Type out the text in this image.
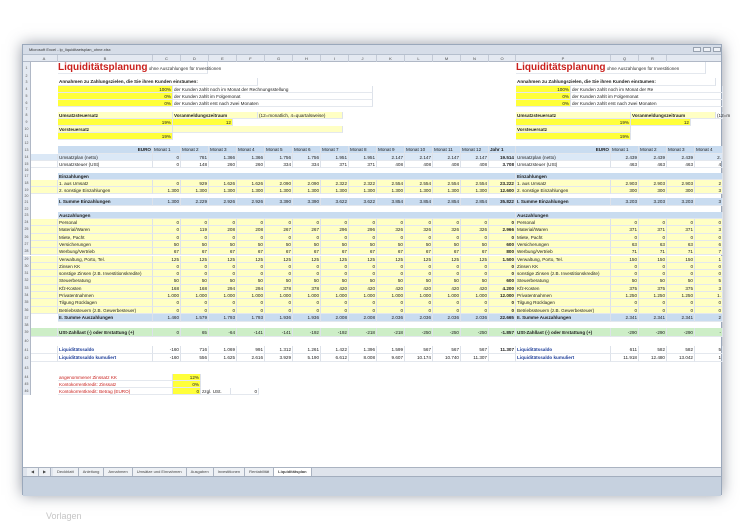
Microsoft Excel - lp_liquiditaetsplan_ohne.xlsx
A	B	C	D	E	F	G	H	I	J	K	L	M	N	O	P	Q	R
1	Liquiditätsplanung ohne Auszahlungen für Investitionen	Liquiditätsplanung ohne Auszahlungen für Investitionen
2
3	Annahmen zu Zahlungszielen, die Sie ihren Kunden einräumen:	Annahmen zu Zahlungszielen, die Sie ihren Kunden einräumen:
4	100% der Kunden zahlt noch im Monat der Rechnungsstellung	100% der Kunden zahlt noch im Monat der Re
5	0% der Kunden zahlt im Folgemonat	0% der Kunden zahlt im Folgemonat
6	0% der Kunden zahlt erst nach zwei Monaten	0% der Kunden zahlt erst nach zwei Monaten
7
8	Umsatzsteuersatz	Voranmeldungszeitraum	(12=monatlich, 4=quartalsweise)	Umsatzsteuersatz	Voranmeldungszeitraum	(12=m
9	19%	12	19%	12
10	Vorsteuersatz	Vorsteuersatz
11	19%	19%
12
13	EURO Monat 1	Monat 2	Monat 3	Monat 4	Monat 5	Monat 6	Monat 7	Monat 8	Monat 9	Monat 10	Monat 11	Monat 12	Jahr 1	EURO Monat 1	Monat 2	Monat 3	Monat 4
14	Umsatzplan (netto)	0	781	1.366	1.366	1.756	1.756	1.951	1.951	2.147	2.147	2.147	2.147	19.514 Umsatzplan (netto)	2.439	2.439	2.439	2.
15	Umsatzsteuer (USt)	0	148	260	260	334	334	371	371	408	408	408	408	3.708 Umsatzsteuer (USt)	463	463	463	4
16
17	Einzahlungen	Einzahlungen
18	1. aus Umsatz	0	929	1.626	1.626	2.090	2.090	2.322	2.322	2.554	2.554	2.554	2.554	23.222 1. aus Umsatz	2.903	2.903	2.903	2
19	2. sonstige Einzahlungen	1.300	1.300	1.300	1.300	1.300	1.300	1.300	1.300	1.300	1.300	1.300	1.300	12.600 2. sonstige Einzahlungen	300	300	300	3
20
21	I. Summe Einzahlungen	1.300	2.229	2.926	2.926	3.390	3.390	3.622	3.622	3.854	3.854	2.854	2.854	35.822 I. Summe Einzahlungen	3.203	3.203	3.203	3
22
23	Auszahlungen	Auszahlungen
24	Personal	0	0	0	0	0	0	0	0	0	0	0	0	0 Personal	0	0	0	0
25	Material/Waren	0	119	208	208	267	267	296	296	326	326	326	326	2.966 Material/Waren	371	371	371	3
26	Miete, Pacht	0	0	0	0	0	0	0	0	0	0	0	0	0 Miete, Pacht	0	0	0	0
27	Versicherungen	50	50	50	50	50	50	50	50	50	50	50	50	600 Versicherungen	63	63	63	6
28	Werbung/Vertrieb	67	67	67	67	67	67	67	67	67	67	67	67	800 Werbung/Vertrieb	71	71	71	7
29	Verwaltung, Porto, Tel.	125	125	125	125	125	125	125	125	125	125	125	125	1.500 Verwaltung, Porto, Tel.	150	150	150	1
30	Zinsen KK	0	0	0	0	0	0	0	0	0	0	0	0	0 Zinsen KK	0	0	0	0
31	sonstige Zinsen (z.B. Investitionskredite)	0	0	0	0	0	0	0	0	0	0	0	0	0 sonstige Zinsen (z.B. Investitionskredite)	0	0	0	0
32	Steuerberatung	50	50	50	50	50	50	50	50	50	50	50	50	600 Steuerberatung	50	50	50	5
33	Kfz-Kosten	168	168	294	294	378	378	420	420	420	420	420	420	4.200 Kfz-Kosten	375	375	375	3
34	Privatentnahmen	1.000	1.000	1.000	1.000	1.000	1.000	1.000	1.000	1.000	1.000	1.000	1.000	12.000 Privatentnahmen	1.250	1.250	1.250	1.
35	Tilgung Rücklagen	0	0	0	0	0	0	0	0	0	0	0	0	0 Tilgung Rücklagen	0	0	0	0
36	Betriebssteuern (z.B. Gewerbesteuer)	0	0	0	0	0	0	0	0	0	0	0	0	0 Betriebssteuern (z.B. Gewerbesteuer)	0	0	0	0
37	II. Summe Auszahlungen	1.460	1.579	1.793	1.793	1.936	1.936	2.008	2.008	2.036	2.036	2.036	2.036	22.665 II. Summe Auszahlungen	2.341	2.341	2.341	2
38
39	USt-Zahllast (-) oder Erstattung (+)	0	65	-64	-141	-141	-192	-192	-218	-218	-250	-250	-250	-1.857 USt-Zahllast (-) oder Erstattung (+)	-290	-290	-290	-
40
41	Liquiditätssaldo	-160	716	1.069	991	1.312	1.261	1.422	1.396	1.599	567	567	567	11.307 Liquiditätssaldo	611	582	582	5
42	Liquiditätssaldo kumuliert	-160	556	1.625	2.616	3.929	5.190	6.612	8.008	9.607	10.174	10.740	11.307	Liquiditätssaldo kumuliert	11.918	12.480	13.042	1
43
44	angenommener Zinssatz KK	12%
45	Kontokorrentkredit: Zinssatz	0%
46	Kontokorrentkredit: Betrag (EURO)	0 zzgl. USt.	0
◀	▶	Deckblatt	Anleitung	Annahmen	Umsätze und Einnahmen	Ausgaben	Investitionen	Rentabilität	Liquiditätsplan
Vorlagen
